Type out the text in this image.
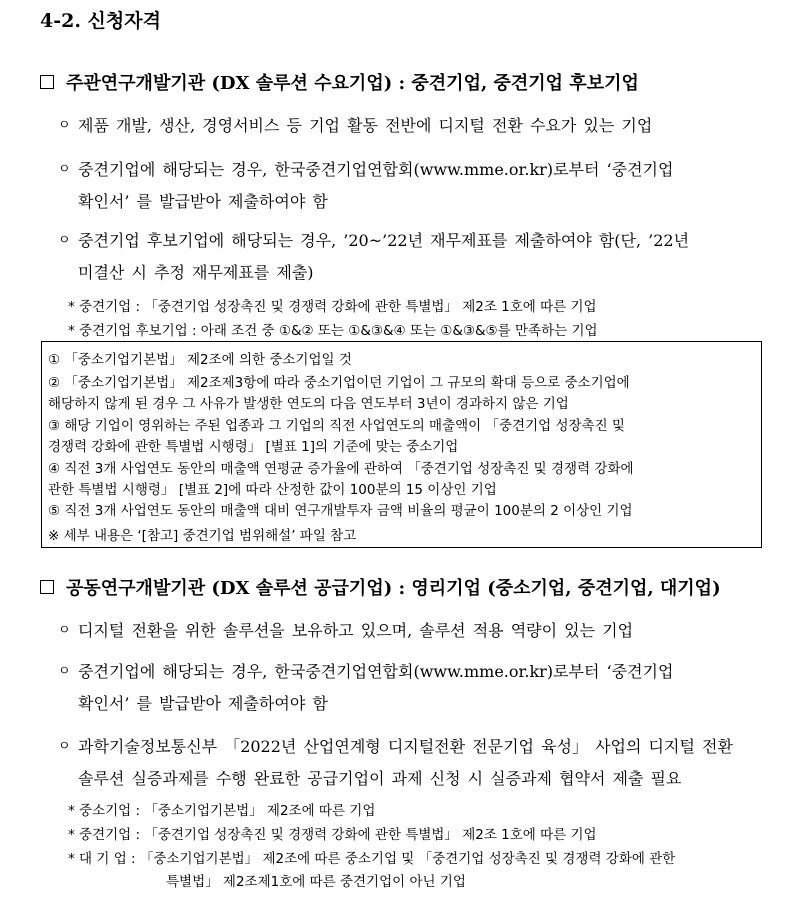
4-2. 신청자격
주관연구개발기관 (DX 솔루션 수요기업) : 중견기업, 중견기업 후보기업
ㅇ 제품 개발, 생산, 경영서비스 등 기업 활동 전반에 디지털 전환 수요가 있는 기업
ㅇ 중견기업에 해당되는 경우, 한국중견기업연합회(www.mme.or.kr)로부터 ‘중견기업
확인서’ 를 발급받아 제출하여야 함
ㅇ 중견기업 후보기업에 해당되는 경우, ’20~’22년 재무제표를 제출하여야 함(단, ’22년
미결산 시 추정 재무제표를 제출)
* 중견기업 : 「중견기업 성장촉진 및 경쟁력 강화에 관한 특별법」 제2조 1호에 따른 기업
* 중견기업 후보기업 : 아래 조건 중 ①&② 또는 ①&③&④ 또는 ①&③&⑤를 만족하는 기업
① 「중소기업기본법」 제2조에 의한 중소기업일 것
② 「중소기업기본법」 제2조제3항에 따라 중소기업이던 기업이 그 규모의 확대 등으로 중소기업에
해당하지 않게 된 경우 그 사유가 발생한 연도의 다음 연도부터 3년이 경과하지 않은 기업
③ 해당 기업이 영위하는 주된 업종과 그 기업의 직전 사업연도의 매출액이 「중견기업 성장촉진 및
경쟁력 강화에 관한 특별법 시행령」 [별표 1]의 기준에 맞는 중소기업
④ 직전 3개 사업연도 동안의 매출액 연평균 증가율에 관하여 「중견기업 성장촉진 및 경쟁력 강화에
관한 특별법 시행령」 [별표 2]에 따라 산정한 값이 100분의 15 이상인 기업
⑤ 직전 3개 사업연도 동안의 매출액 대비 연구개발투자 금액 비율의 평균이 100분의 2 이상인 기업
※ 세부 내용은 ‘[참고] 중견기업 범위해설’ 파일 참고
공동연구개발기관 (DX 솔루션 공급기업) : 영리기업 (중소기업, 중견기업, 대기업)
ㅇ 디지털 전환을 위한 솔루션을 보유하고 있으며, 솔루션 적용 역량이 있는 기업
ㅇ 중견기업에 해당되는 경우, 한국중견기업연합회(www.mme.or.kr)로부터 ‘중견기업
확인서’ 를 발급받아 제출하여야 함
ㅇ 과학기술정보통신부 「2022년 산업연계형 디지털전환 전문기업 육성」 사업의 디지털 전환
솔루션 실증과제를 수행 완료한 공급기업이 과제 신청 시 실증과제 협약서 제출 필요
* 중소기업 : 「중소기업기본법」 제2조에 따른 기업
* 중견기업 : 「중견기업 성장촉진 및 경쟁력 강화에 관한 특별법」 제2조 1호에 따른 기업
* 대 기 업 : 「중소기업기본법」 제2조에 따른 중소기업 및 「중견기업 성장촉진 및 경쟁력 강화에 관한
특별법」 제2조제1호에 따른 중견기업이 아닌 기업
